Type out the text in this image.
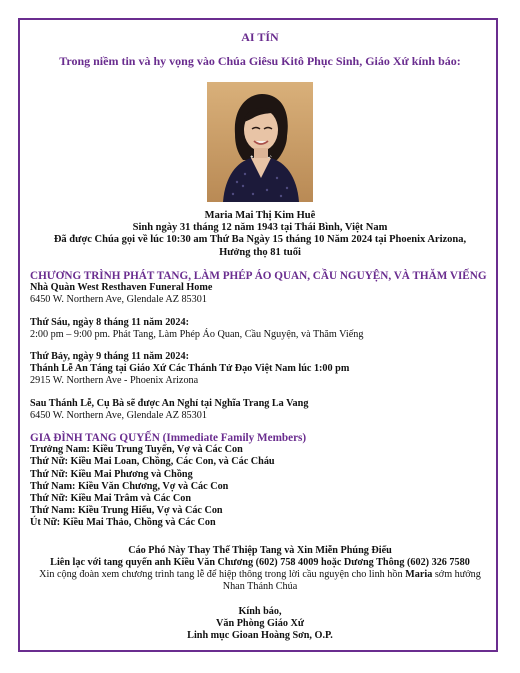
AI TÍN
Trong niềm tin và hy vọng vào Chúa Giêsu Kitô Phục Sinh, Giáo Xứ kính báo:
Maria Mai Thị Kim Huê
Sinh ngày 31 tháng 12 năm 1943 tại Thái Bình, Việt Nam
Đã được Chúa gọi về lúc 10:30 am Thứ Ba Ngày 15 tháng 10 Năm 2024 tại Phoenix Arizona,
Hưởng thọ 81 tuổi

CHƯƠNG TRÌNH PHÁT TANG, LÀM PHÉP ÁO QUAN, CẦU NGUYỆN, VÀ THĂM VIẾNG

Nhà Quàn West Resthaven Funeral Home

6450 W. Northern Ave, Glendale AZ 85301

Thứ Sáu, ngày 8 tháng 11 năm 2024:

2:00 pm – 9:00 pm. Phát Tang, Làm Phép Áo Quan, Cầu Nguyện, và Thăm Viếng

Thứ Bảy, ngày 9 tháng 11 năm 2024:

Thánh Lễ An Táng tại Giáo Xứ Các Thánh Tử Đạo Việt Nam lúc 1:00 pm

2915 W. Northern Ave - Phoenix Arizona

Sau Thánh Lễ, Cụ Bà sẽ được An Nghỉ tại Nghĩa Trang La Vang

6450 W. Northern Ave, Glendale AZ 85301

GIA ĐÌNH TANG QUYẾN (Immediate Family Members)

Trưởng Nam: Kiều Trung Tuyến, Vợ và Các Con

Thứ Nữ: Kiều Mai Loan, Chồng, Các Con, và Các Cháu

Thứ Nữ: Kiều Mai Phương và Chồng

Thứ Nam: Kiều Văn Chương, Vợ và Các Con

Thứ Nữ: Kiều Mai Trâm và Các Con

Thứ Nam: Kiều Trung Hiếu, Vợ và Các Con

Út Nữ: Kiều Mai Thảo, Chồng và Các Con

Cáo Phó Này Thay Thế Thiệp Tang và Xin Miễn Phúng Điếu

Liên lạc với tang quyến anh Kiều Văn Chương (602) 758 4009 hoặc Dương Thông (602) 326 7580

Xin cộng đoàn xem chương trình tang lễ để hiệp thông trong lời cầu nguyện cho linh hồn Maria sớm hưởng

Nhan Thánh Chúa

Kính báo,

Văn Phòng Giáo Xứ

Linh mục Gioan Hoàng Sơn, O.P.
